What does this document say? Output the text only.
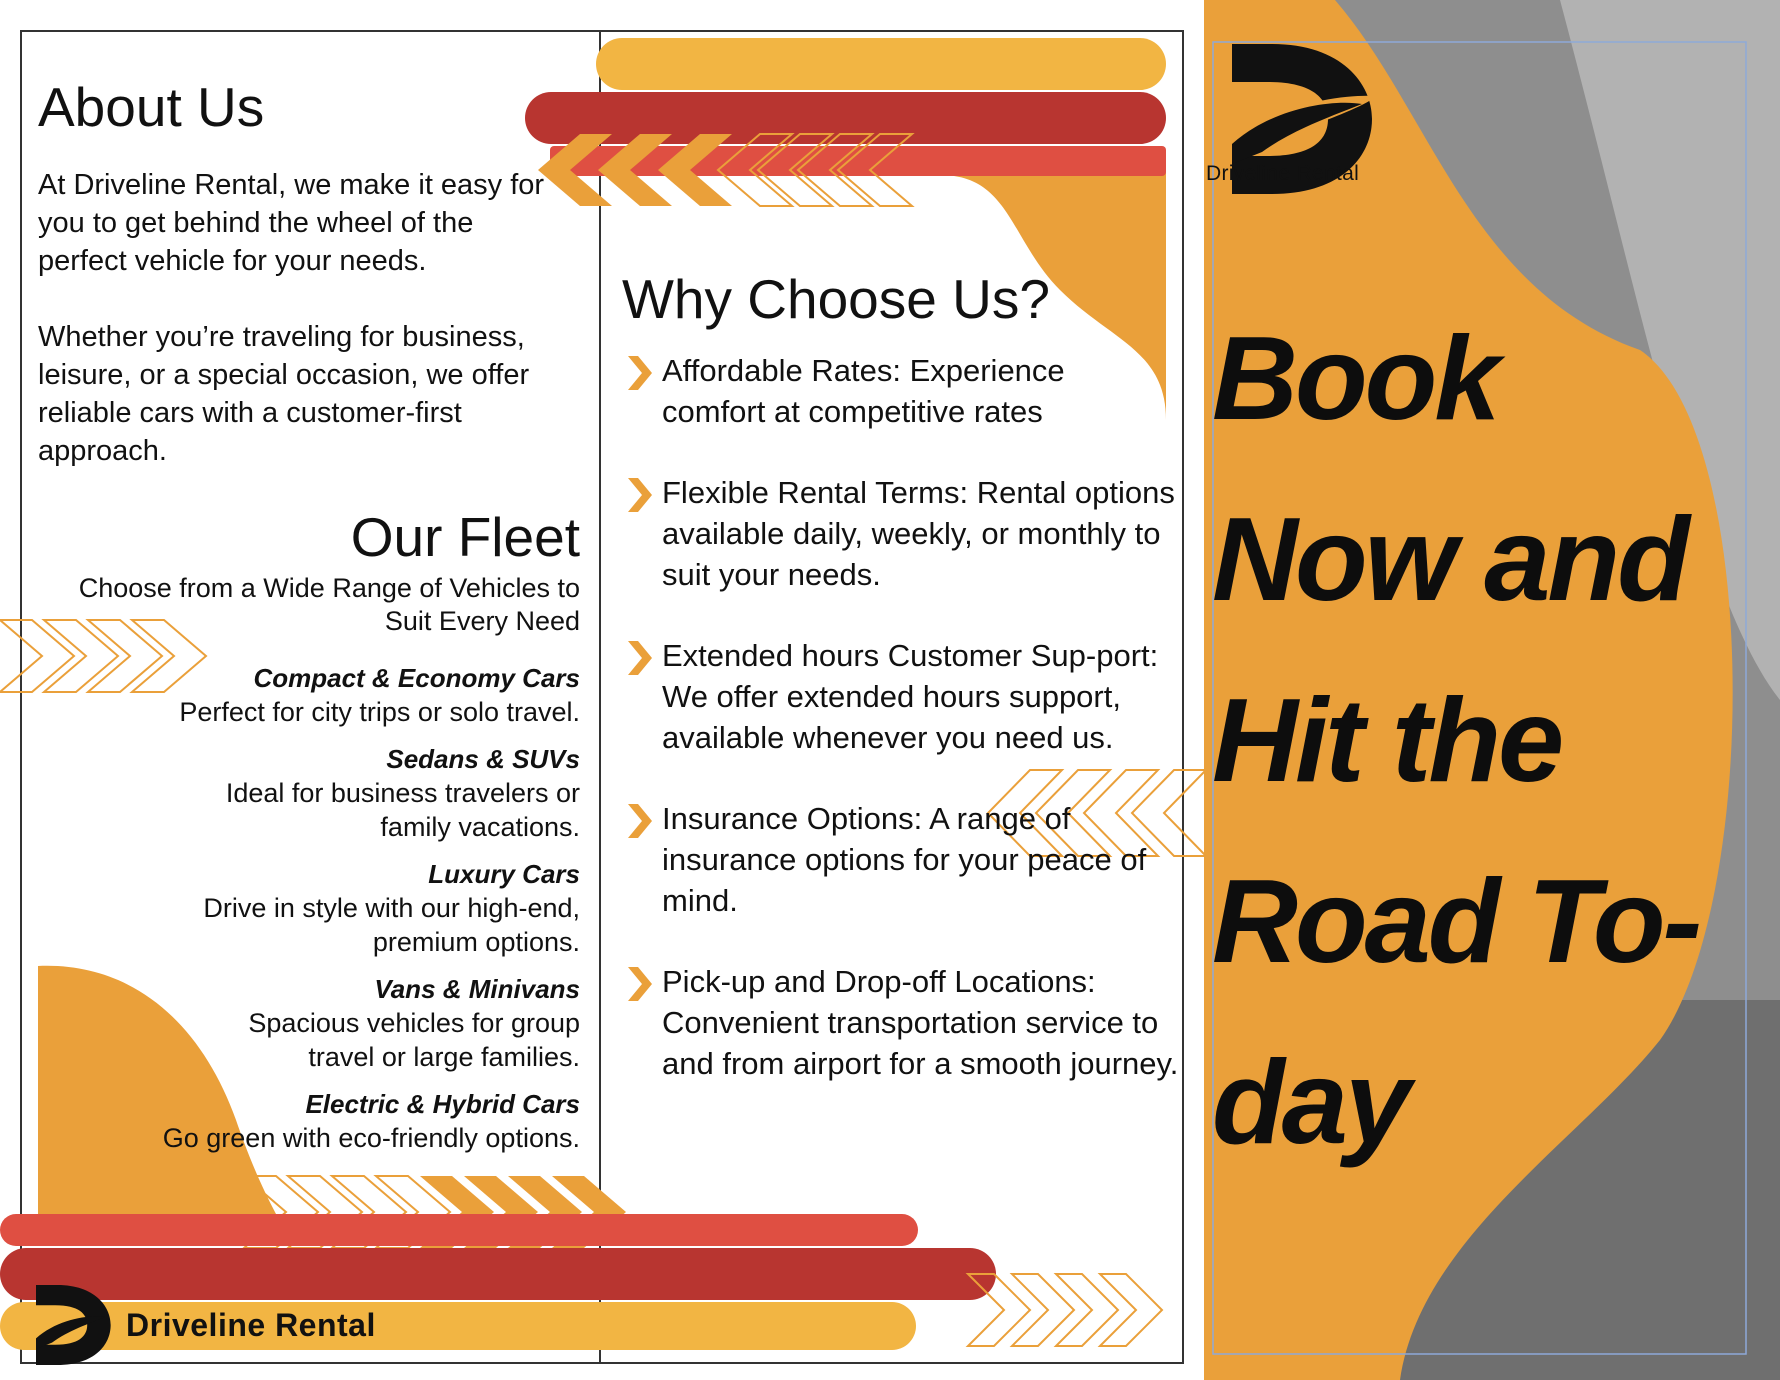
About Us
At Driveline Rental, we make it easy for you to get behind the wheel of the perfect vehicle for your needs.
Whether you’re traveling for business, leisure, or a special occasion, we offer reliable cars with a customer-first approach.
Our Fleet
Choose from a Wide Range of Vehicles to Suit Every Need
Compact & Economy Cars
Perfect for city trips or solo travel.
Sedans & SUVs
Ideal for business travelers or family vacations.
Luxury Cars
Drive in style with our high-end, premium options.
Vans & Minivans
Spacious vehicles for group travel or large families.
Electric & Hybrid Cars
Go green with eco-friendly options.
Why Choose Us?
Affordable Rates: Experience comfort at competitive rates
Flexible Rental Terms: Rental options available daily, weekly, or monthly to suit your needs.
Extended hours Customer Sup-port: We offer extended hours support, available whenever you need us.
Insurance Options: A range of insurance options for your peace of mind.
Pick-up and Drop-off Locations: Convenient transportation service to and from airport for a smooth journey.
Driveline Rental
Driveline Rental
Book Now and Hit the Road To-day
